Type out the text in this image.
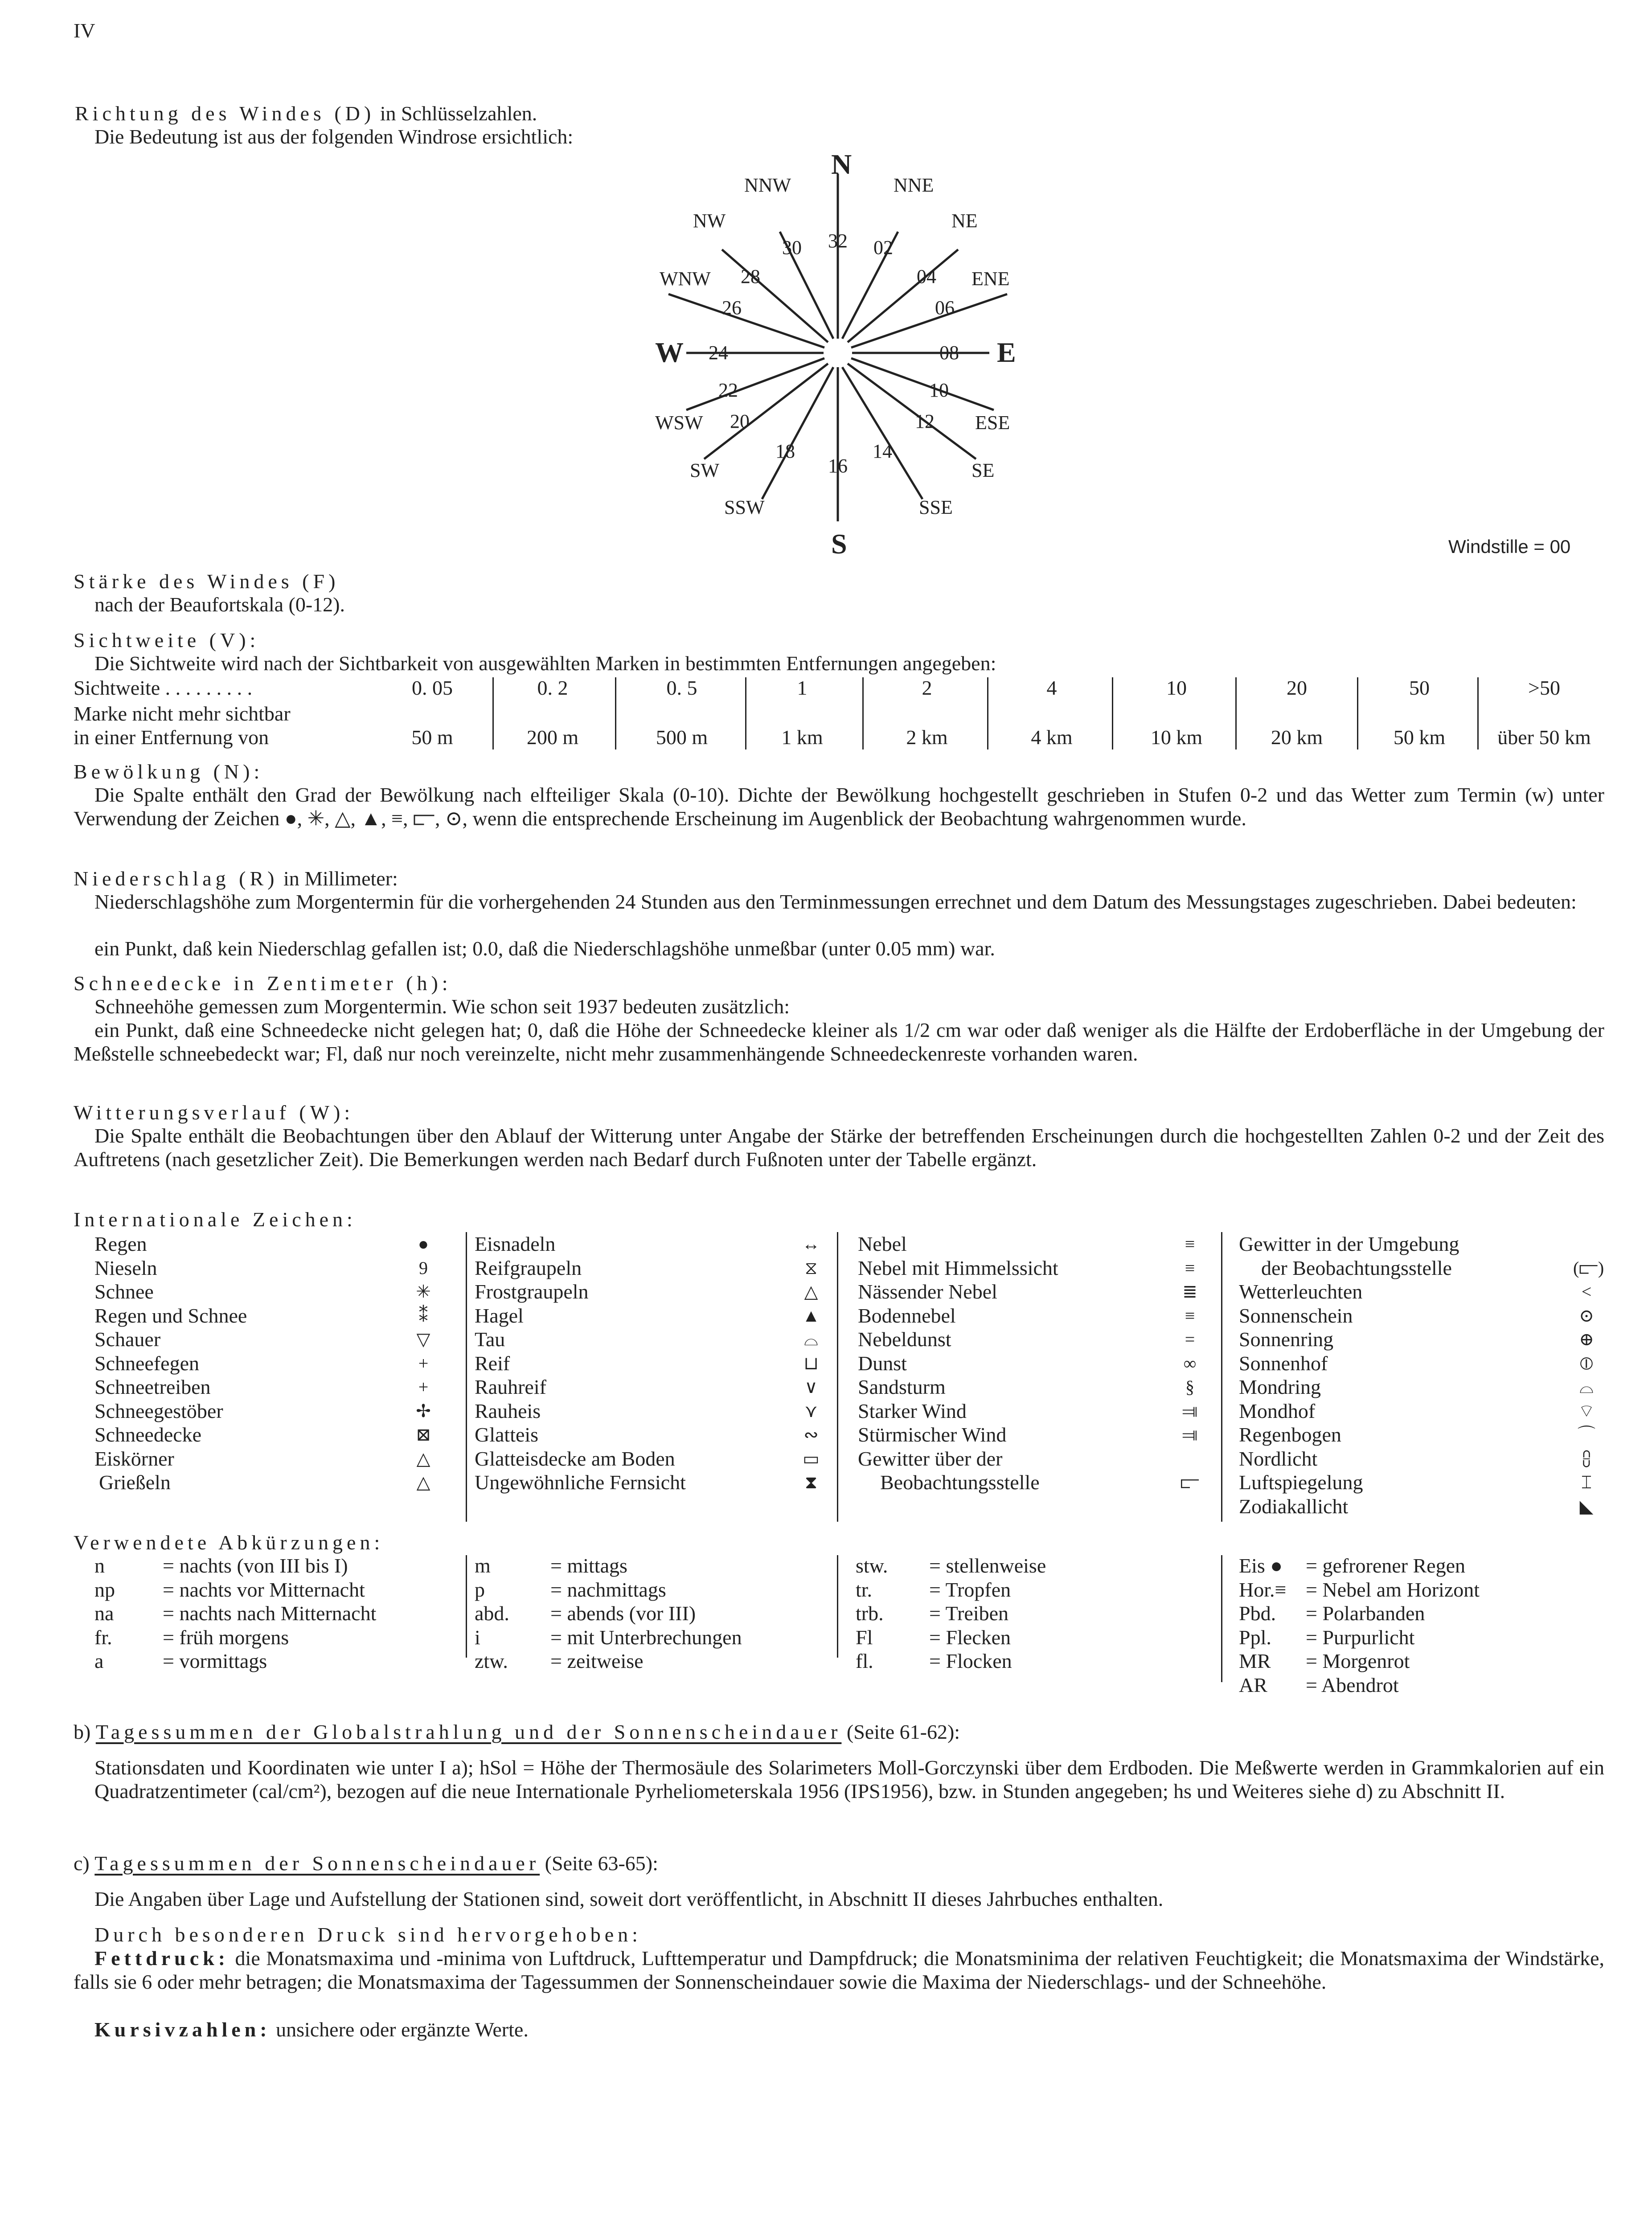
IV
Richtung des Windes (D) in Schlüsselzahlen.
Die Bedeutung ist aus der folgenden Windrose ersichtlich:
N
E
S
W
NNW
30
NNE
02
NW
28
NE
04
WNW
26
ENE
06
24	08
22	10
WSW 20	ESE
12
SW
18
SE
14
SSW	SSE
32
16
Windstille = 00
Stärke des Windes (F)
nach der Beaufortskala (0-12).
Sichtweite (V):
Die Sichtweite wird nach der Sichtbarkeit von ausgewählten Marken in bestimmten Entfernungen angegeben:
Sichtweite . . . . . . . . .
Marke nicht mehr sichtbar
in einer Entfernung von
0. 05	0. 2	0. 5	1	2	4	10	20	50	>50
50 m	200 m	500 m	1 km	2 km	4 km	10 km	20 km	50 km	über 50 km
Bewölkung (N):
Die Spalte enthält den Grad der Bewölkung nach elfteiliger Skala (0-10). Dichte der Bewölkung hochgestellt geschrieben in Stufen 0-2 und das Wetter zum Termin (w) unter Verwendung der Zeichen ●, ✳, △, ▲, ≡, ⫍, ⊙, wenn die entsprechende Erscheinung im Augenblick der Beobachtung wahrgenommen wurde.
Niederschlag (R) in Millimeter:
Niederschlagshöhe zum Morgentermin für die vorhergehenden 24 Stunden aus den Terminmessungen errechnet und dem Datum des Messungstages zugeschrieben. Dabei bedeuten:
ein Punkt, daß kein Niederschlag gefallen ist; 0.0, daß die Niederschlagshöhe unmeßbar (unter 0.05 mm) war.
Schneedecke in Zentimeter (h):
Schneehöhe gemessen zum Morgentermin. Wie schon seit 1937 bedeuten zusätzlich:
ein Punkt, daß eine Schneedecke nicht gelegen hat; 0, daß die Höhe der Schneedecke kleiner als 1/2 cm war oder daß weniger als die Hälfte der Erdoberfläche in der Umgebung der Meßstelle schneebedeckt war; Fl, daß nur noch vereinzelte, nicht mehr zusammenhängende Schneedeckenreste vorhanden waren.
Witterungsverlauf (W):
Die Spalte enthält die Beobachtungen über den Ablauf der Witterung unter Angabe der Stärke der betreffenden Erscheinungen durch die hochgestellten Zahlen 0-2 und der Zeit des Auftretens (nach gesetzlicher Zeit). Die Bemerkungen werden nach Bedarf durch Fußnoten unter der Tabelle ergänzt.
Internationale Zeichen:
Regen	●
Nieseln	9
Schnee	✳
Regen und Schnee	⁑
Schauer	▽
Schneefegen	+
Schneetreiben	+
Schneegestöber	✢
Schneedecke	⊠
Eiskörner	△
Grießeln	△
Eisnadeln	↔
Reifgraupeln	⧖
Frostgraupeln	△
Hagel	▲
Tau	⌓
Reif	⊔
Rauhreif	∨
Rauheis	⋎
Glatteis	∾
Glatteisdecke am Boden	▭
Ungewöhnliche Fernsicht	⧗
Nebel	≡
Nebel mit Himmelssicht	≡
Nässender Nebel	≣
Bodennebel	≡
Nebeldunst	=
Dunst	∞
Sandsturm	§
Starker Wind	⫥
Stürmischer Wind	⫥
Gewitter über der
Beobachtungsstelle	⫍
Gewitter in der Umgebung
der Beobachtungsstelle	(⫍)
Wetterleuchten	<
Sonnenschein	⊙
Sonnenring	⊕
Sonnenhof	⦶
Mondring	⌓
Mondhof	⌔
Regenbogen	⌒
Nordlicht	⩉
Luftspiegelung	⌶
Zodiakallicht	◣
Verwendete Abkürzungen:
n	= nachts (von III bis I)
np = nachts vor Mitternacht
na = nachts nach Mitternacht
fr. = früh morgens
a	= vormittags
m	= mittags
p	= nachmittags
abd. = abends (vor III)
i	= mit Unterbrechungen
ztw. = zeitweise
stw. = stellenweise
tr.	= Tropfen
trb. = Treiben
Fl	= Flecken
fl.	= Flocken
Eis ● = gefrorener Regen
Hor.≡ = Nebel am Horizont
Pbd. = Polarbanden
Ppl. = Purpurlicht
MR = Morgenrot
AR = Abendrot
b) Tagessummen der Globalstrahlung und der Sonnenscheindauer (Seite 61-62):
Stationsdaten und Koordinaten wie unter I a); hSol = Höhe der Thermosäule des Solarimeters Moll-Gorczynski über dem Erdboden. Die Meßwerte werden in Grammkalorien auf ein Quadratzentimeter (cal/cm²), bezogen auf die neue Internationale Pyrheliometerskala 1956 (IPS1956), bzw. in Stunden angegeben; hs und Weiteres siehe d) zu Abschnitt II.
c) Tagessummen der Sonnenscheindauer (Seite 63-65):
Die Angaben über Lage und Aufstellung der Stationen sind, soweit dort veröffentlicht, in Abschnitt II dieses Jahrbuches enthalten.
Durch besonderen Druck sind hervorgehoben:
Fettdruck: die Monatsmaxima und -minima von Luftdruck, Lufttemperatur und Dampfdruck; die Monatsminima der relativen Feuchtigkeit; die Monatsmaxima der Windstärke, falls sie 6 oder mehr betragen; die Monatsmaxima der Tagessummen der Sonnenscheindauer sowie die Maxima der Niederschlags- und der Schneehöhe.
Kursivzahlen: unsichere oder ergänzte Werte.
